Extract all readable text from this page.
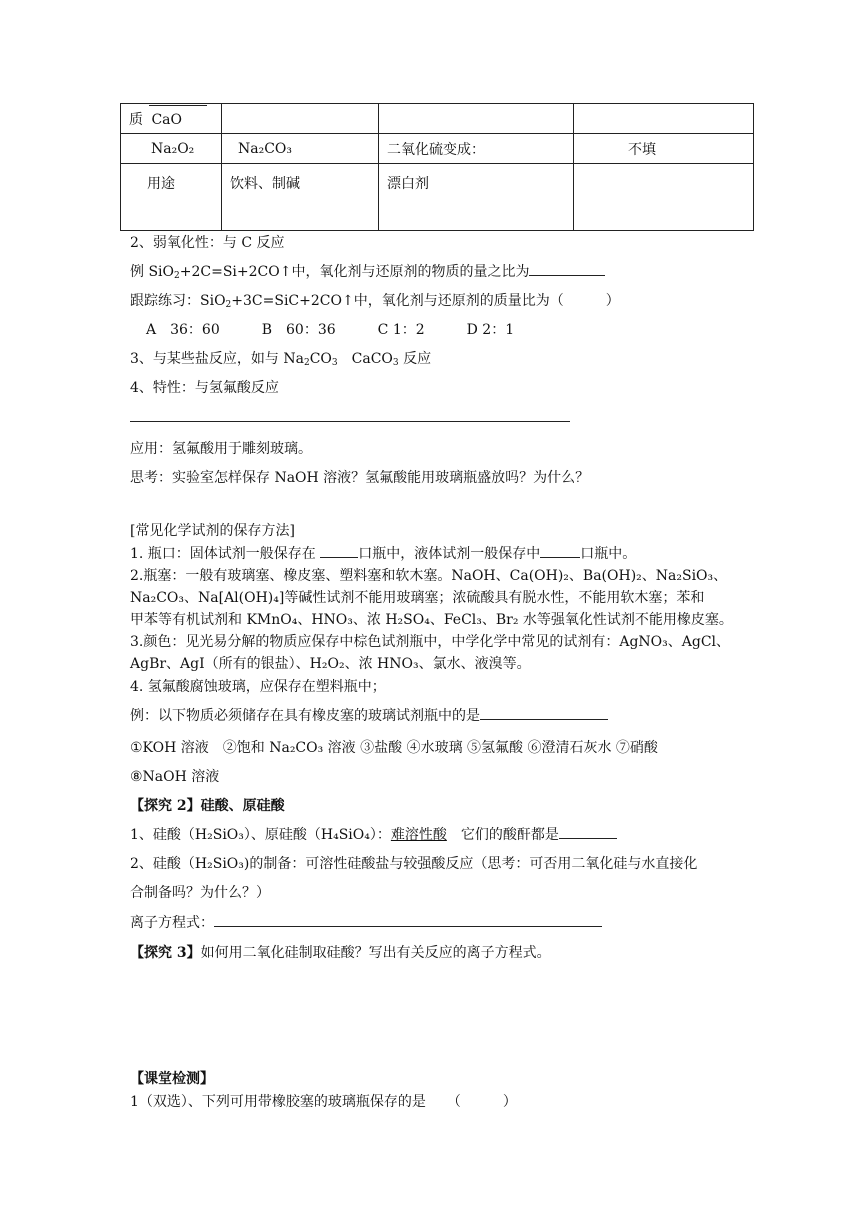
质 CaO			

Na₂O₂	Na₂CO₃	二氧化硫变成：	不填
用途	饮料、制碱	漂白剂	
2、弱氧化性：与 C 反应
例 SiO$_2$+2C=Si+2CO↑中，氧化剂与还原剂的物质的量之比为
跟踪练习：SiO$_2$+3C=SiC+2CO↑中，氧化剂与还原剂的质量比为（　　　）
A　36：60　　　B　60：36　　　C 1：2　　　D 2：1
3、与某些盐反应，如与 $Na_2CO_3$　CaCO$_3$ 反应
4、特性：与氢氟酸反应
应用：氢氟酸用于雕刻玻璃。
思考：实验室怎样保存 NaOH 溶液？氢氟酸能用玻璃瓶盛放吗？为什么？
[常见化学试剂的保存方法]
1. 瓶口：固体试剂一般保存在	口瓶中，液体试剂一般保存中	口瓶中。
2.瓶塞：一般有玻璃塞、橡皮塞、塑料塞和软木塞。NaOH、Ca(OH)₂、Ba(OH)₂、Na₂SiO₃、
Na₂CO₃、Na[Al(OH)₄]等碱性试剂不能用玻璃塞；浓硫酸具有脱水性，不能用软木塞；苯和
甲苯等有机试剂和 KMnO₄、HNO₃、浓 H₂SO₄、FeCl₃、Br₂ 水等强氧化性试剂不能用橡皮塞。
3.颜色：见光易分解的物质应保存中棕色试剂瓶中，中学化学中常见的试剂有：AgNO₃、AgCl、
AgBr、AgI（所有的银盐）、H₂O₂、浓 HNO₃、氯水、液溴等。
4. 氢氟酸腐蚀玻璃，应保存在塑料瓶中；
例：以下物质必须储存在具有橡皮塞的玻璃试剂瓶中的是
①KOH 溶液　②饱和 Na₂CO₃ 溶液 ③盐酸 ④水玻璃 ⑤氢氟酸 ⑥澄清石灰水 ⑦硝酸
⑧NaOH 溶液
【探究 2】硅酸、原硅酸
1、硅酸（H₂SiO₃）、原硅酸（H₄SiO₄）：难溶性酸　它们的酸酐都是
2、硅酸（H₂SiO₃)的制备：可溶性硅酸盐与较强酸反应（思考：可否用二氧化硅与水直接化
合制备吗？为什么？）
离子方程式：
【探究 3】如何用二氧化硅制取硅酸？写出有关反应的离子方程式。
【课堂检测】
1（双选）、下列可用带橡胶塞的玻璃瓶保存的是　　（　　　）
